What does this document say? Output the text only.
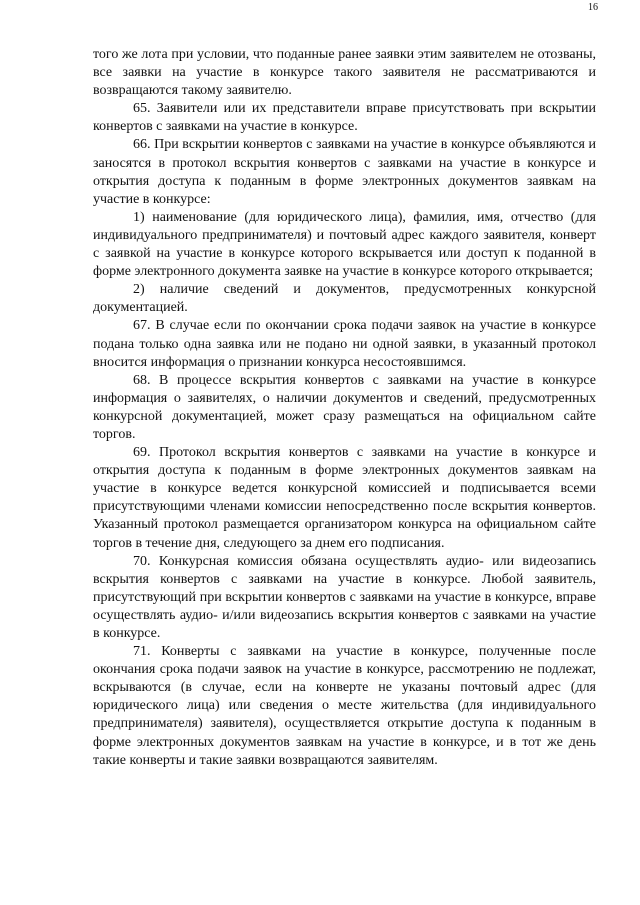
16

того же лота при условии, что поданные ранее заявки этим заявителем не отозваны, все заявки на участие в конкурсе такого заявителя не рассматриваются и возвращаются такому заявителю.

65. Заявители или их представители вправе присутствовать при вскрытии конвертов с заявками на участие в конкурсе.

66. При вскрытии конвертов с заявками на участие в конкурсе объявляются и заносятся в протокол вскрытия конвертов с заявками на участие в конкурсе и открытия доступа к поданным в форме электронных документов заявкам на участие в конкурсе:

1) наименование (для юридического лица), фамилия, имя, отчество (для индивидуального предпринимателя) и почтовый адрес каждого заявителя, конверт с заявкой на участие в конкурсе которого вскрывается или доступ к поданной в форме электронного документа заявке на участие в конкурсе которого открывается;

2) наличие сведений и документов, предусмотренных конкурсной документацией.

67. В случае если по окончании срока подачи заявок на участие в конкурсе подана только одна заявка или не подано ни одной заявки, в указанный протокол вносится информация о признании конкурса несостоявшимся.

68. В процессе вскрытия конвертов с заявками на участие в конкурсе информация о заявителях, о наличии документов и сведений, предусмотренных конкурсной документацией, может сразу размещаться на официальном сайте торгов.

69. Протокол вскрытия конвертов с заявками на участие в конкурсе и открытия доступа к поданным в форме электронных документов заявкам на участие в конкурсе ведется конкурсной комиссией и подписывается всеми присутствующими членами комиссии непосредственно после вскрытия конвертов. Указанный протокол размещается организатором конкурса на официальном сайте торгов в течение дня, следующего за днем его подписания.

70. Конкурсная комиссия обязана осуществлять аудио- или видеозапись вскрытия конвертов с заявками на участие в конкурсе. Любой заявитель, присутствующий при вскрытии конвертов с заявками на участие в конкурсе, вправе осуществлять аудио- и/или видеозапись вскрытия конвертов с заявками на участие в конкурсе.

71. Конверты с заявками на участие в конкурсе, полученные после окончания срока подачи заявок на участие в конкурсе, рассмотрению не подлежат, вскрываются (в случае, если на конверте не указаны почтовый адрес (для юридического лица) или сведения о месте жительства (для индивидуального предпринимателя) заявителя), осуществляется открытие доступа к поданным в форме электронных документов заявкам на участие в конкурсе, и в тот же день такие конверты и такие заявки возвращаются заявителям.
